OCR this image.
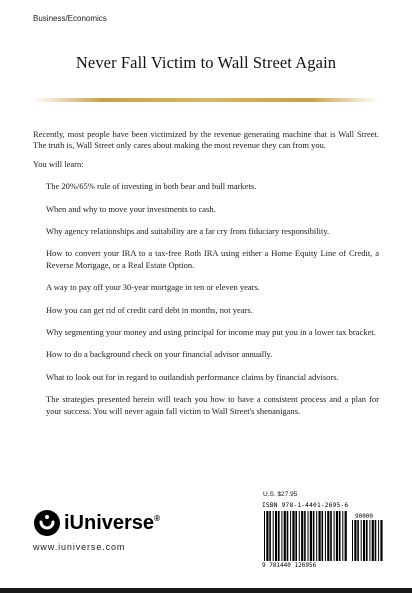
Business/Economics
Never Fall Victim to Wall Street Again

Recently, most people have been victimized by the revenue generating machine that is Wall Street. The truth is, Wall Street only cares about making the most revenue they can from you.

You will learn:

The 20%/65% rule of investing in both bear and bull markets.
When and why to move your investments to cash.
Why agency relationships and suitability are a far cry from fiduciary responsibility.
How to convert your IRA to a tax-free Roth IRA using either a Home Equity Line of Credit, a Reverse Mortgage, or a Real Estate Option.
A way to pay off your 30-year mortgage in ten or eleven years.
How you can get rid of credit card debt in months, not years.
Why segmenting your money and using principal for income may put you in a lower tax bracket.
How to do a background check on your financial advisor annually.
What to look out for in regard to outlandish performance claims by financial advisors.

The strategies presented herein will teach you how to have a consistent process and a plan for your success. You will never again fall victim to Wall Street's shenanigans.

U.S. $27.95
ISBN 978-1-4401-2695-6
90000
9 781440 126956
iUniverse ®
www.iuniverse.com
